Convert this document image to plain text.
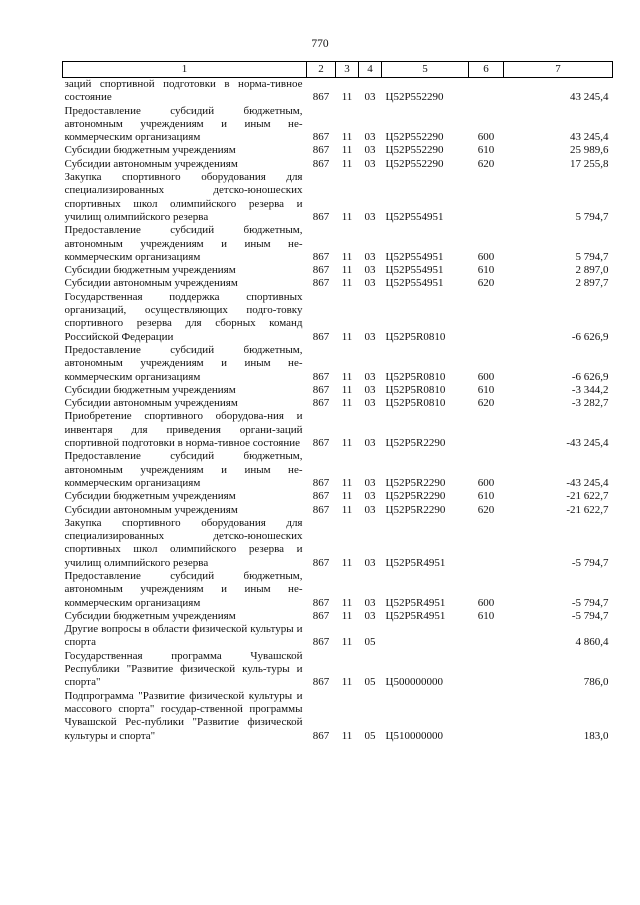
770
1	2	3	4	5	6	7
заций спортивной подготовки в норма-тивное состояние	867	11	03	Ц52Р552290		43 245,4
Предоставление субсидий бюджетным, автономным учреждениям и иным не-коммерческим организациям	867	11	03	Ц52Р552290	600	43 245,4
Субсидии бюджетным учреждениям	867	11	03	Ц52Р552290	610	25 989,6
Субсидии автономным учреждениям	867	11	03	Ц52Р552290	620	17 255,8
Закупка спортивного оборудования для специализированных детско-юношеских спортивных школ олимпийского резерва и училищ олимпийского резерва	867	11	03	Ц52Р554951		5 794,7
Предоставление субсидий бюджетным, автономным учреждениям и иным не-коммерческим организациям	867	11	03	Ц52Р554951	600	5 794,7
Субсидии бюджетным учреждениям	867	11	03	Ц52Р554951	610	2 897,0
Субсидии автономным учреждениям	867	11	03	Ц52Р554951	620	2 897,7
Государственная поддержка спортивных организаций, осуществляющих подго-товку спортивного резерва для сборных команд Российской Федерации	867	11	03	Ц52Р5R0810		-6 626,9
Предоставление субсидий бюджетным, автономным учреждениям и иным не-коммерческим организациям	867	11	03	Ц52Р5R0810	600	-6 626,9
Субсидии бюджетным учреждениям	867	11	03	Ц52Р5R0810	610	-3 344,2
Субсидии автономным учреждениям	867	11	03	Ц52Р5R0810	620	-3 282,7
Приобретение спортивного оборудова-ния и инвентаря для приведения органи-заций спортивной подготовки в норма-тивное состояние	867	11	03	Ц52Р5R2290		-43 245,4
Предоставление субсидий бюджетным, автономным учреждениям и иным не-коммерческим организациям	867	11	03	Ц52Р5R2290	600	-43 245,4
Субсидии бюджетным учреждениям	867	11	03	Ц52Р5R2290	610	-21 622,7
Субсидии автономным учреждениям	867	11	03	Ц52Р5R2290	620	-21 622,7
Закупка спортивного оборудования для специализированных детско-юношеских спортивных школ олимпийского резерва и училищ олимпийского резерва	867	11	03	Ц52Р5R4951		-5 794,7
Предоставление субсидий бюджетным, автономным учреждениям и иным не-коммерческим организациям	867	11	03	Ц52Р5R4951	600	-5 794,7
Субсидии бюджетным учреждениям	867	11	03	Ц52Р5R4951	610	-5 794,7
Другие вопросы в области физической культуры и спорта	867	11	05			4 860,4
Государственная программа Чувашской Республики "Развитие физической куль-туры и спорта"	867	11	05	Ц500000000		786,0
Подпрограмма "Развитие физической культуры и массового спорта" государ-ственной программы Чувашской Рес-публики "Развитие физической культуры и спорта"	867	11	05	Ц510000000		183,0
